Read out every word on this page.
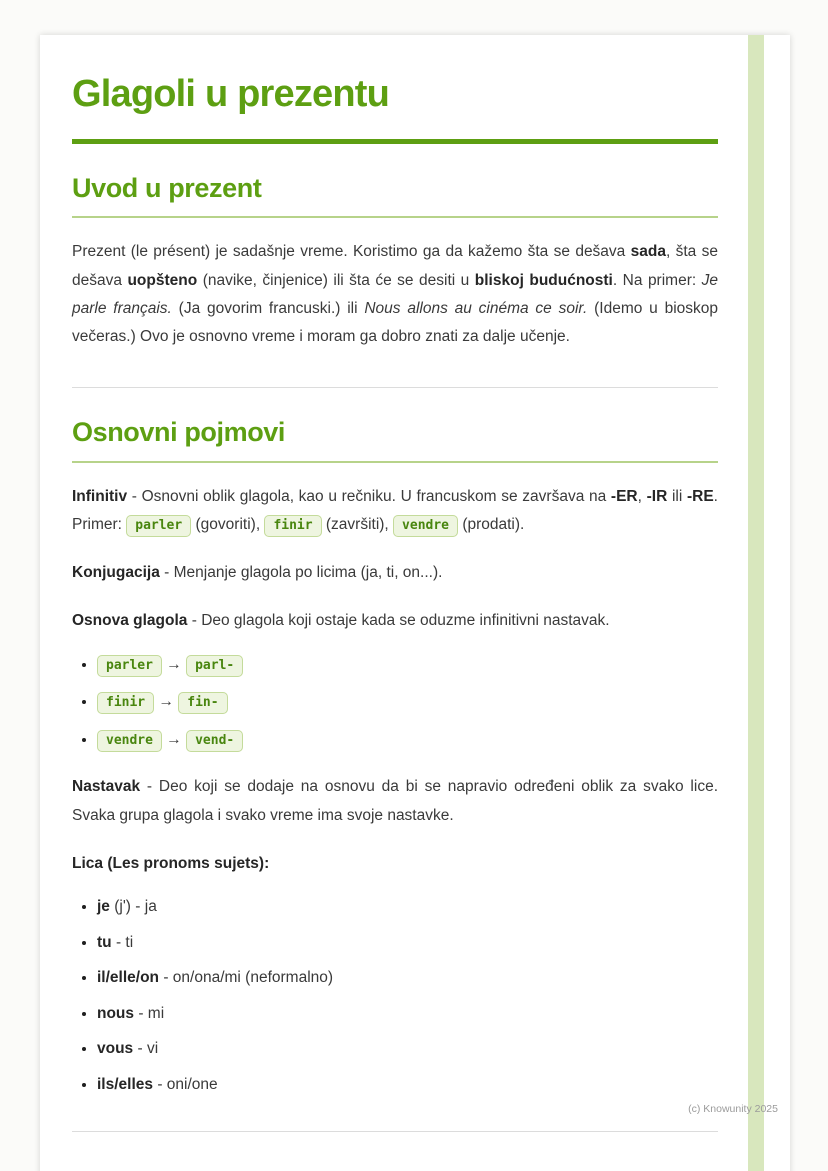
Glagoli u prezentu
Uvod u prezent

Prezent (le présent) je sadašnje vreme. Koristimo ga da kažemo šta se dešava sada, šta se dešava uopšteno (navike, činjenice) ili šta će se desiti u bliskoj budućnosti. Na primer: Je parle français. (Ja govorim francuski.) ili Nous allons au cinéma ce soir. (Idemo u bioskop večeras.) Ovo je osnovno vreme i moram ga dobro znati za dalje učenje.

Osnovni pojmovi

Infinitiv - Osnovni oblik glagola, kao u rečniku. U francuskom se završava na -ER, -IR ili -RE. Primer: parler (govoriti), finir (završiti), vendre (prodati).

Konjugacija - Menjanje glagola po licima (ja, ti, on...).

Osnova glagola - Deo glagola koji ostaje kada se oduzme infinitivni nastavak.

• parler → parl-
• finir → fin-
• vendre → vend-

Nastavak - Deo koji se dodaje na osnovu da bi se napravio određeni oblik za svako lice. Svaka grupa glagola i svako vreme ima svoje nastavke.

Lica (Les pronoms sujets):

• je (j') - ja
• tu - ti
• il/elle/on - on/ona/mi (neformalno)
• nous - mi
• vous - vi
• ils/elles - oni/one
(c) Knowunity 2025
